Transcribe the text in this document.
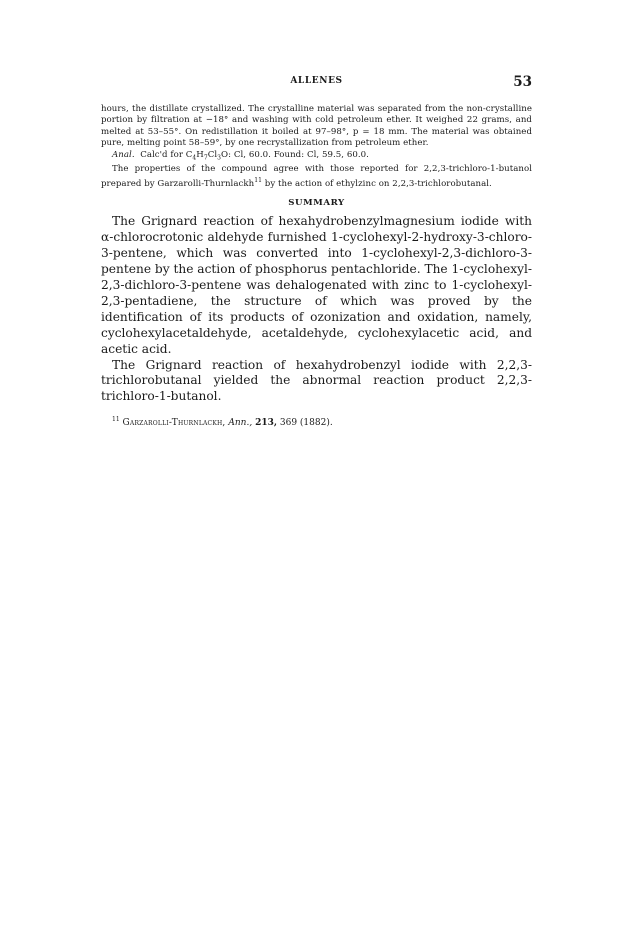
ALLENES	53

hours, the distillate crystallized. The crystalline material was separated from the non-crystalline portion by filtration at −18° and washing with cold petroleum ether. It weighed 22 grams, and melted at 53–55°. On redistillation it boiled at 97–98°, p = 18 mm. The material was obtained pure, melting point 58–59°, by one recrystallization from petroleum ether.

Anal. Calc'd for $C_4H_7Cl_3O$: Cl, 60.0. Found: Cl, 59.5, 60.0.

The properties of the compound agree with those reported for 2,2,3-trichloro-1-butanol prepared by Garzarolli-Thurnlackh$^{11}$ by the action of ethylzinc on 2,2,3-trichlorobutanal.

SUMMARY

The Grignard reaction of hexahydrobenzylmagnesium iodide with α-chlorocrotonic aldehyde furnished 1-cyclohexyl-2-hydroxy-3-chloro-3-pentene, which was converted into 1-cyclohexyl-2,3-dichloro-3-pentene by the action of phosphorus pentachloride. The 1-cyclohexyl-2,3-dichloro-3-pentene was dehalogenated with zinc to 1-cyclohexyl-2,3-pentadiene, the structure of which was proved by the identification of its products of ozonization and oxidation, namely, cyclohexylacetaldehyde, acetaldehyde, cyclohexylacetic acid, and acetic acid.

The Grignard reaction of hexahydrobenzyl iodide with 2,2,3-trichlorobutanal yielded the abnormal reaction product 2,2,3-trichloro-1-butanol.

$^{11}$ Garzarolli-Thurnlackh, Ann., 213, 369 (1882).
